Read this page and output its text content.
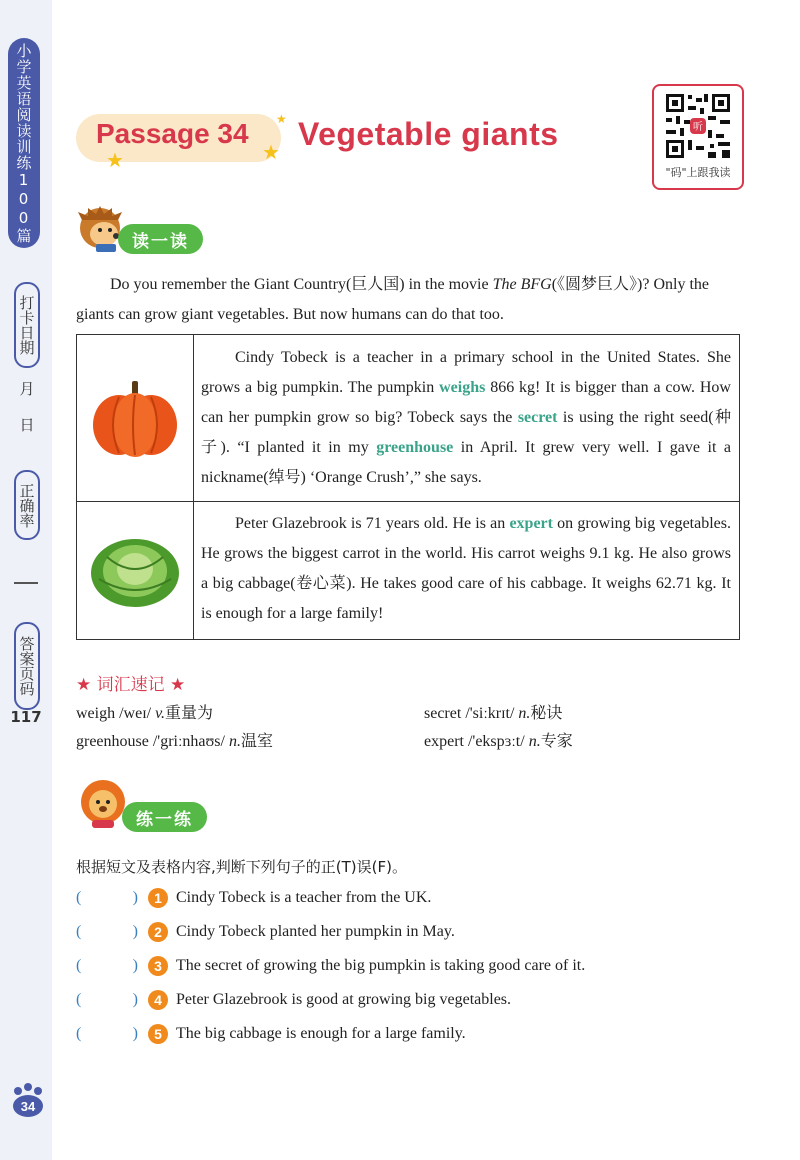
小学英语阅读训练100篇
打卡日期
月
日
正确率
答案页码
117
34
★	★
★
Passage 34 Vegetable giants	听
"码"上跟我读
读一读

Do you remember the Giant Country(巨人国) in the movie The BFG(《圆梦巨人》)? Only the giants can grow giant vegetables. But now humans can do that too.

Cindy Tobeck is a teacher in a primary school in the United States. She grows a big pumpkin. The pumpkin weighs 866 kg! It is bigger than a cow. How can her pumpkin grow so big? Tobeck says the secret is using the right seed(种子). “I planted it in my greenhouse in April. It grew very well. I gave it a nickname(绰号) ‘Orange Crush’,” she says.

Peter Glazebrook is 71 years old. He is an expert on growing big vegetables. He grows the biggest carrot in the world. His carrot weighs 9.1 kg. He also grows a big cabbage(卷心菜). He takes good care of his cabbage. It weighs 62.71 kg. It is enough for a large family!

★ 词汇速记 ★
weigh /weɪ/ v.重量为	secret /'siːkrɪt/ n.秘诀
greenhouse /'griːnhaʊs/ n.温室	expert /'ekspɜːt/ n.专家
练一练
根据短文及表格内容,判断下列句子的正(T)误(F)。
(	)	1 Cindy Tobeck is a teacher from the UK.
(	)	2 Cindy Tobeck planted her pumpkin in May.
(	)	3 The secret of growing the big pumpkin is taking good care of it.
(	)	4 Peter Glazebrook is good at growing big vegetables.
(	)	5 The big cabbage is enough for a large family.
